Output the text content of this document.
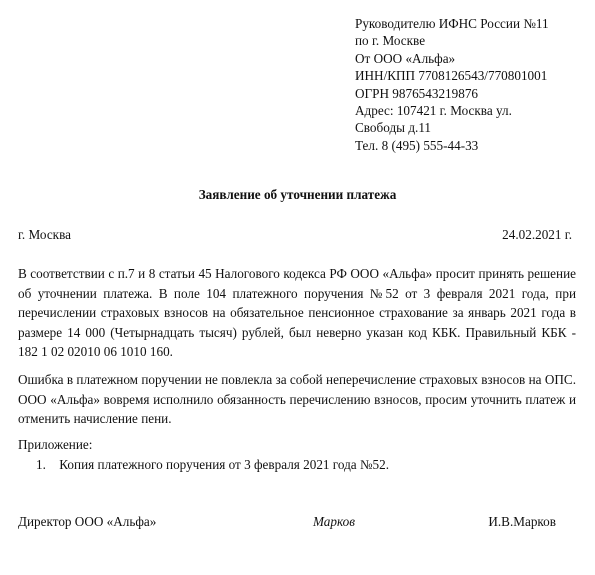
Руководителю ИФНС России №11
по г. Москве
От ООО «Альфа»
ИНН/КПП 7708126543/770801001
ОГРН 9876543219876
Адрес: 107421 г. Москва ул.
Свободы д.11
Тел. 8 (495) 555-44-33
Заявление об уточнении платежа
г. Москва	24.02.2021 г.
В соответствии с п.7 и 8 статьи 45 Налогового кодекса РФ ООО «Альфа» просит принять решение об уточнении платежа. В поле 104 платежного поручения №52 от 3 февраля 2021 года, при перечислении страховых взносов на обязательное пенсионное страхование за январь 2021 года в размере 14 000 (Четырнадцать тысяч) рублей, был неверно указан код КБК. Правильный КБК - 182 1 02 02010 06 1010 160.
Ошибка в платежном поручении не повлекла за собой неперечисление страховых взносов на ОПС. ООО «Альфа» вовремя исполнило обязанность перечислению взносов, просим уточнить платеж и отменить начисление пени.
Приложение:
1. Копия платежного поручения от 3 февраля 2021 года №52.
Директор ООО «Альфа»	Марков	И.В.Марков
